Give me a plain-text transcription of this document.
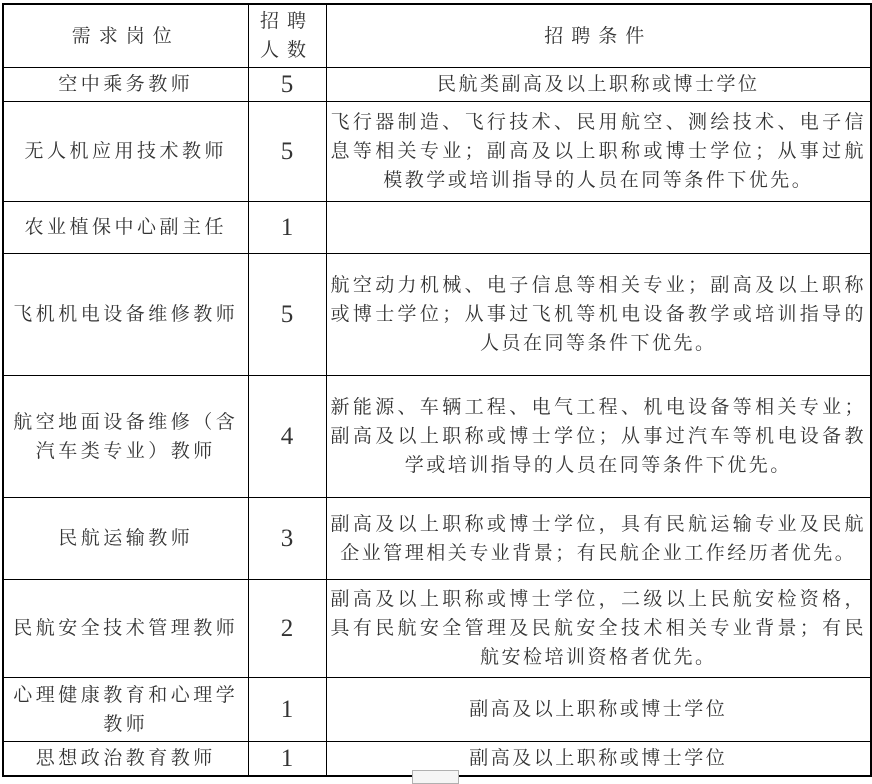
需求岗位	招聘人数	招聘条件
空中乘务教师	5	民航类副高及以上职称或博士学位
无人机应用技术教师	5	飞行器制造、飞行技术、民用航空、测绘技术、电子信息等相关专业；副高及以上职称或博士学位；从事过航模教学或培训指导的人员在同等条件下优先。
农业植保中心副主任	1	
飞机机电设备维修教师	5	航空动力机械、电子信息等相关专业；副高及以上职称或博士学位；从事过飞机等机电设备教学或培训指导的人员在同等条件下优先。
航空地面设备维修（含汽车类专业）教师	4	新能源、车辆工程、电气工程、机电设备等相关专业；副高及以上职称或博士学位；从事过汽车等机电设备教学或培训指导的人员在同等条件下优先。
民航运输教师	3	副高及以上职称或博士学位，具有民航运输专业及民航企业管理相关专业背景；有民航企业工作经历者优先。
民航安全技术管理教师	2	副高及以上职称或博士学位，二级以上民航安检资格，具有民航安全管理及民航安全技术相关专业背景；有民航安检培训资格者优先。
心理健康教育和心理学教师	1	副高及以上职称或博士学位
思想政治教育教师	1	副高及以上职称或博士学位
